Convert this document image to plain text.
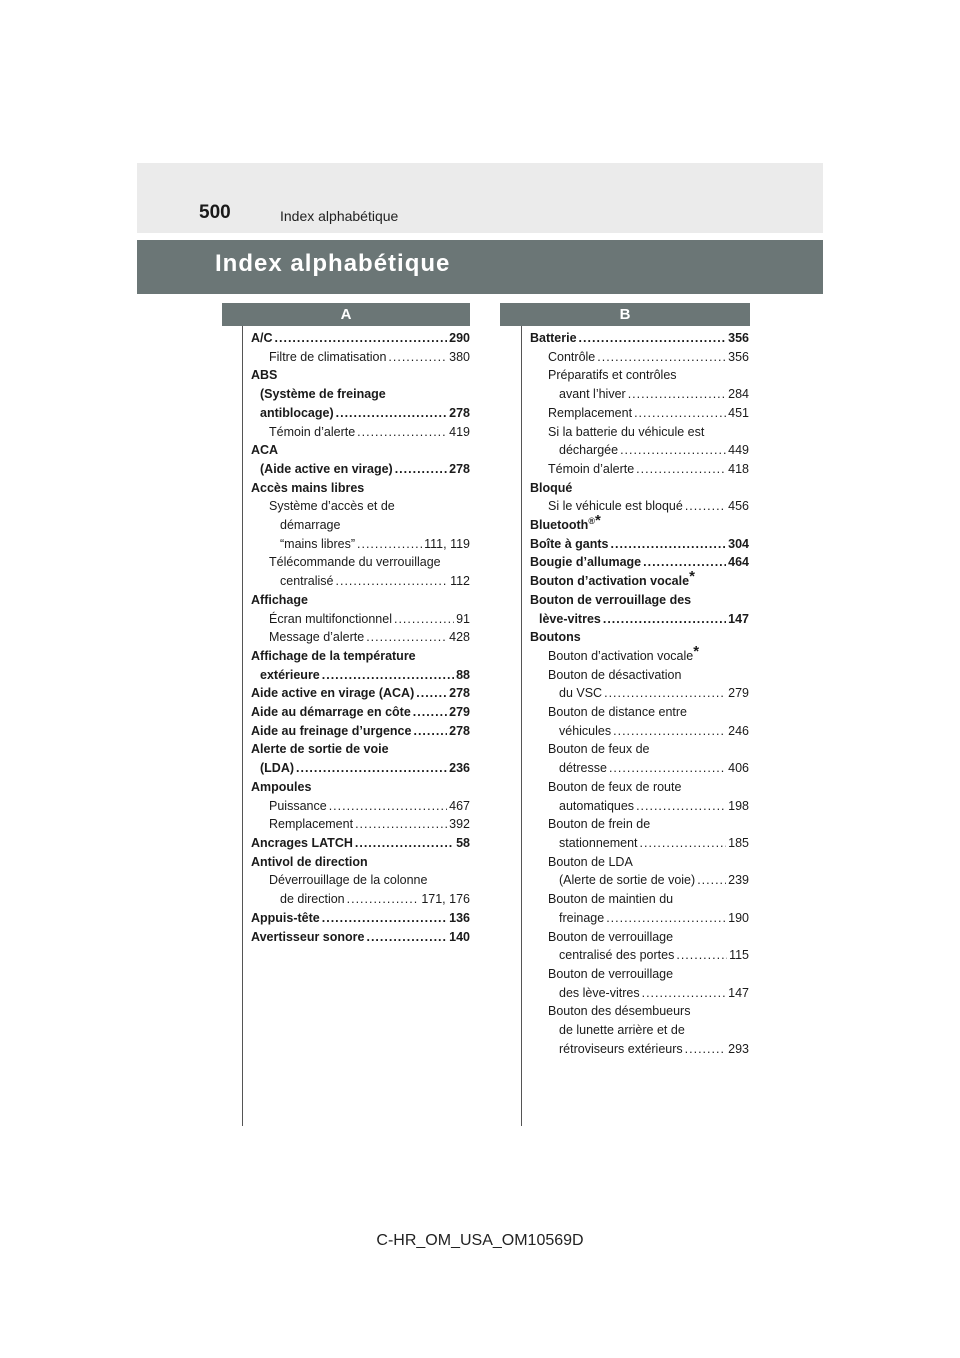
500	Index alphabétique
Index alphabétique
A	B
A/C .....	290
Filtre de climatisation .....	380
ABS
(Système de freinage
antiblocage) .....	278
Témoin d’alerte .....	419
ACA
(Aide active en virage) .....	278
Accès mains libres
Système d’accès et de
démarrage
“mains libres” .....	111, 119
Télécommande du verrouillage
centralisé .....	112
Affichage
Écran multifonctionnel .....	91
Message d’alerte .....	428
Affichage de la température
extérieure .....	88
Aide active en virage (ACA) .....	278
Aide au démarrage en côte .....	279
Aide au freinage d’urgence .....	278
Alerte de sortie de voie
(LDA) .....	236
Ampoules
Puissance .....	467
Remplacement .....	392
Ancrages LATCH .....	58
Antivol de direction
Déverrouillage de la colonne
de direction .....	171, 176
Appuis-tête .....	136
Avertisseur sonore .....	140
Batterie .....	356
Contrôle .....	356
Préparatifs et contrôles
avant l’hiver .....	284
Remplacement .....	451
Si la batterie du véhicule est
déchargée .....	449
Témoin d’alerte .....	418
Bloqué
Si le véhicule est bloqué .....	456
Bluetooth®*
Boîte à gants .....	304
Bougie d’allumage .....	464
Bouton d’activation vocale*
Bouton de verrouillage des
lève-vitres .....	147
Boutons
Bouton d’activation vocale*
Bouton de désactivation
du VSC .....	279
Bouton de distance entre
véhicules .....	246
Bouton de feux de
détresse .....	406
Bouton de feux de route
automatiques .....	198
Bouton de frein de
stationnement .....	185
Bouton de LDA
(Alerte de sortie de voie) .....	239
Bouton de maintien du
freinage .....	190
Bouton de verrouillage
centralisé des portes .....	115
Bouton de verrouillage
des lève-vitres .....	147
Bouton des désembueurs
de lunette arrière et de
rétroviseurs extérieurs .....	293
C-HR_OM_USA_OM10569D
